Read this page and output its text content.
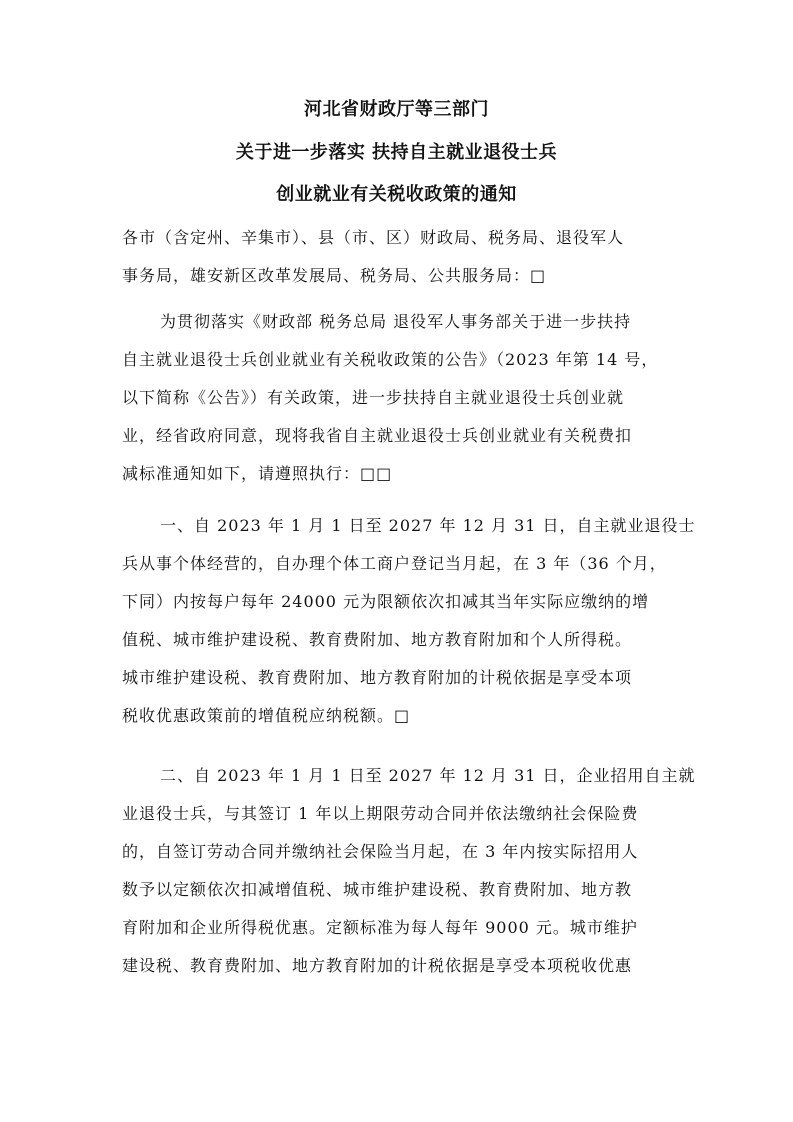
河北省财政厅等三部门
关于进一步落实 扶持自主就业退役士兵
创业就业有关税收政策的通知
各市（含定州、辛集市）、县（市、区）财政局、税务局、退役军人
事务局，雄安新区改革发展局、税务局、公共服务局：□
为贯彻落实《财政部 税务总局 退役军人事务部关于进一步扶持
自主就业退役士兵创业就业有关税收政策的公告》（2023 年第 14 号，
以下简称《公告》）有关政策，进一步扶持自主就业退役士兵创业就
业，经省政府同意，现将我省自主就业退役士兵创业就业有关税费扣
减标准通知如下，请遵照执行：□□
一、自 2023 年 1 月 1 日至 2027 年 12 月 31 日，自主就业退役士
兵从事个体经营的，自办理个体工商户登记当月起，在 3 年（36 个月，
下同）内按每户每年 24000 元为限额依次扣减其当年实际应缴纳的增
值税、城市维护建设税、教育费附加、地方教育附加和个人所得税。
城市维护建设税、教育费附加、地方教育附加的计税依据是享受本项
税收优惠政策前的增值税应纳税额。□
二、自 2023 年 1 月 1 日至 2027 年 12 月 31 日，企业招用自主就
业退役士兵，与其签订 1 年以上期限劳动合同并依法缴纳社会保险费
的，自签订劳动合同并缴纳社会保险当月起，在 3 年内按实际招用人
数予以定额依次扣减增值税、城市维护建设税、教育费附加、地方教
育附加和企业所得税优惠。定额标准为每人每年 9000 元。城市维护
建设税、教育费附加、地方教育附加的计税依据是享受本项税收优惠
